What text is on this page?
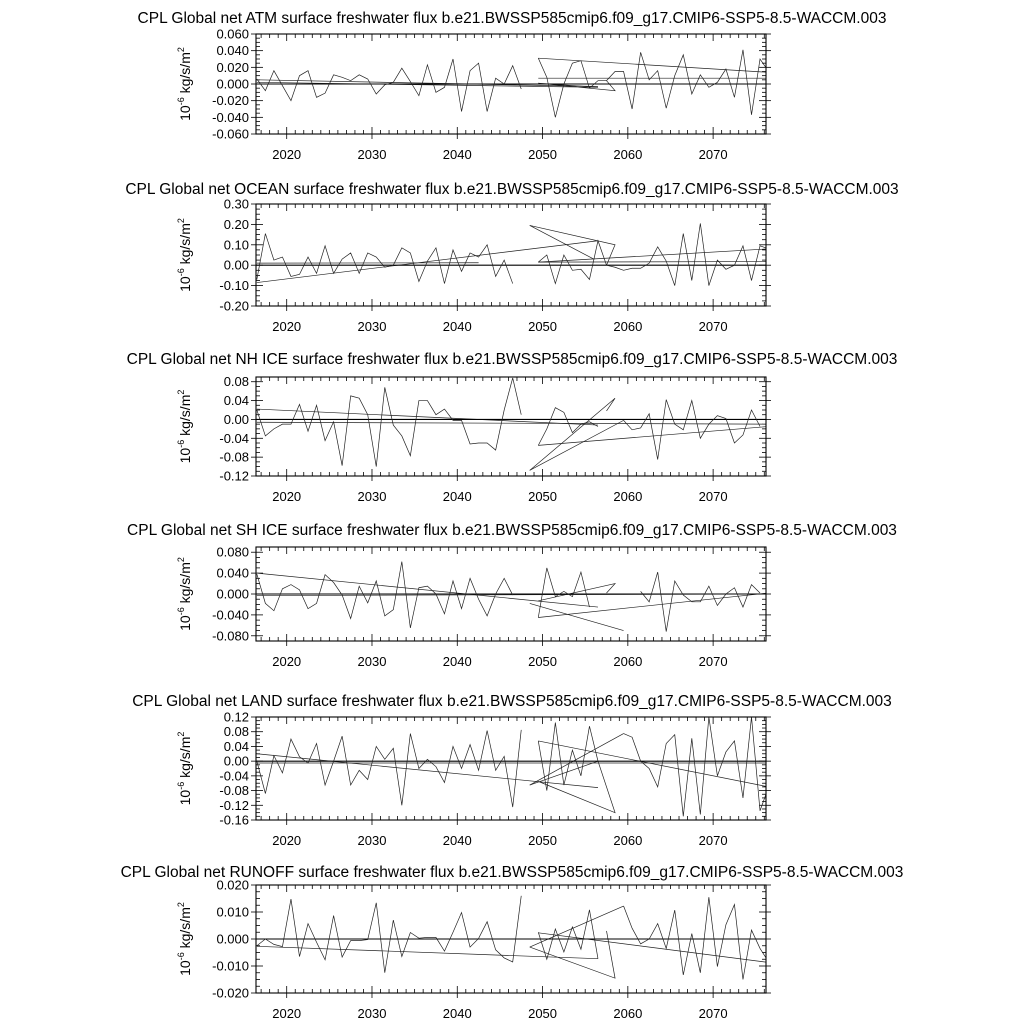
CPL Global net ATM surface freshwater flux b.e21.BWSSP585cmip6.f09_g17.CMIP6-SSP5-8.5-WACCM.003
$10^{-6}$ $kg/s/m^2$
2020	2030	2040	2050	2060	2070
0.060
0.040
0.020
0.000
-0.020
-0.040
-0.060
CPL Global net OCEAN surface freshwater flux b.e21.BWSSP585cmip6.f09_g17.CMIP6-SSP5-8.5-WACCM.003
$10^{-6}$ $kg/s/m^2$
2020	2030	2040	2050	2060	2070
0.30
0.20
0.10
0.00
-0.10
-0.20
CPL Global net NH ICE surface freshwater flux b.e21.BWSSP585cmip6.f09_g17.CMIP6-SSP5-8.5-WACCM.003
$10^{-6}$ $kg/s/m^2$
2020	2030	2040	2050	2060	2070
0.08
0.04
0.00
-0.04
-0.08
-0.12
CPL Global net SH ICE surface freshwater flux b.e21.BWSSP585cmip6.f09_g17.CMIP6-SSP5-8.5-WACCM.003
$10^{-6}$ $kg/s/m^2$
2020	2030	2040	2050	2060	2070
0.080
0.040
0.000
-0.040
-0.080
CPL Global net LAND surface freshwater flux b.e21.BWSSP585cmip6.f09_g17.CMIP6-SSP5-8.5-WACCM.003
$10^{-6}$ $kg/s/m^2$
2020	2030	2040	2050	2060	2070
0.12
0.08
0.04
0.00
-0.04
-0.08
-0.12
-0.16
CPL Global net RUNOFF surface freshwater flux b.e21.BWSSP585cmip6.f09_g17.CMIP6-SSP5-8.5-WACCM.003
$10^{-6}$ $kg/s/m^2$
2020	2030	2040	2050	2060	2070
0.020
0.010
0.000
-0.010
-0.020
